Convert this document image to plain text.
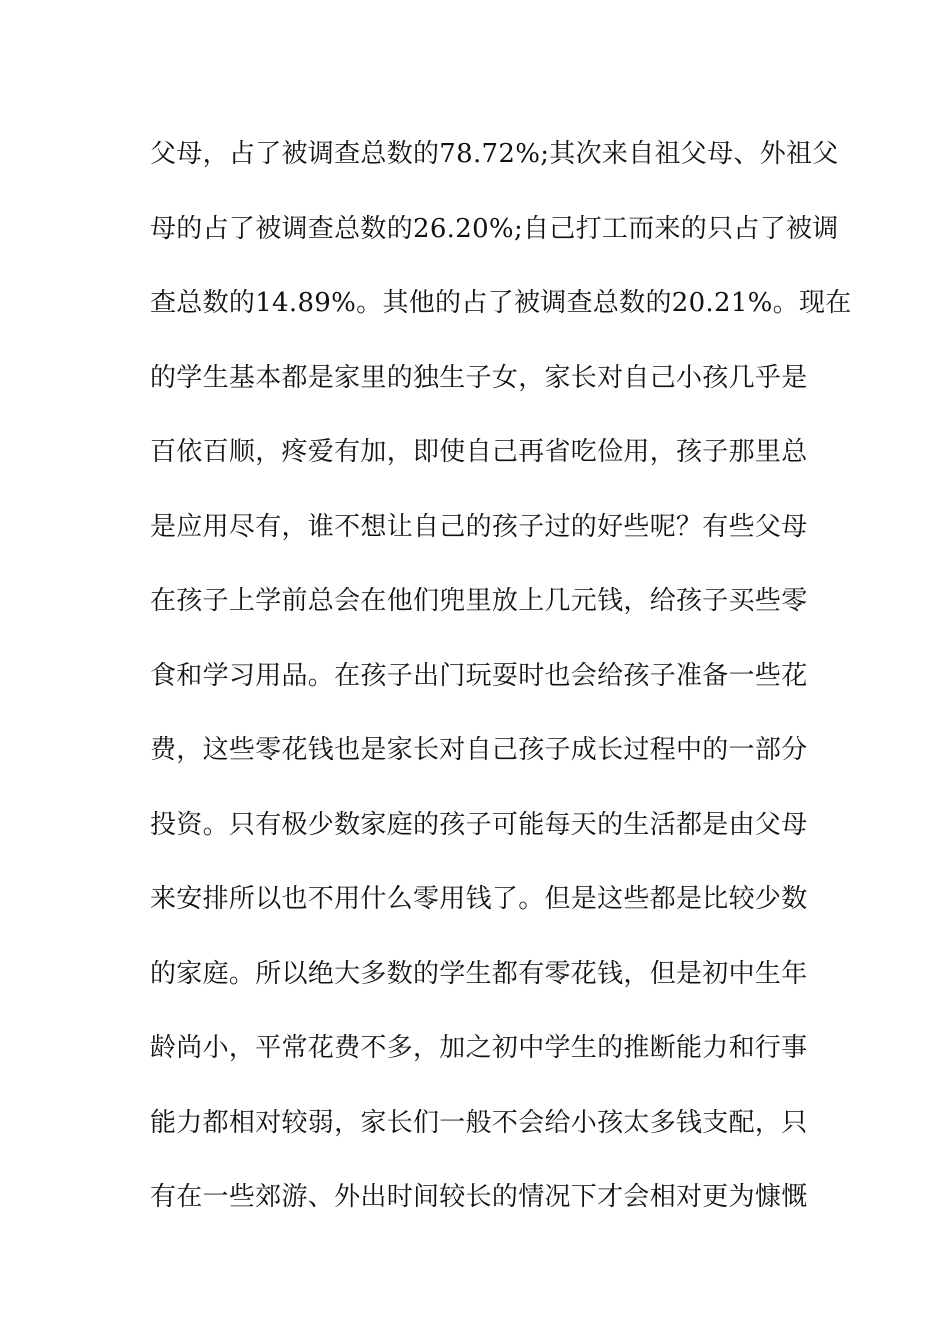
父母，占了被调查总数的78.72%;其次来自祖父母、外祖父
母的占了被调查总数的26.20%;自己打工而来的只占了被调
查总数的14.89%。其他的占了被调查总数的20.21%。现在
的学生基本都是家里的独生子女，家长对自己小孩几乎是
百依百顺，疼爱有加，即使自己再省吃俭用，孩子那里总
是应用尽有，谁不想让自己的孩子过的好些呢？有些父母
在孩子上学前总会在他们兜里放上几元钱，给孩子买些零
食和学习用品。在孩子出门玩耍时也会给孩子准备一些花
费，这些零花钱也是家长对自己孩子成长过程中的一部分
投资。只有极少数家庭的孩子可能每天的生活都是由父母
来安排所以也不用什么零用钱了。但是这些都是比较少数
的家庭。所以绝大多数的学生都有零花钱，但是初中生年
龄尚小，平常花费不多，加之初中学生的推断能力和行事
能力都相对较弱，家长们一般不会给小孩太多钱支配，只
有在一些郊游、外出时间较长的情况下才会相对更为慷慨
